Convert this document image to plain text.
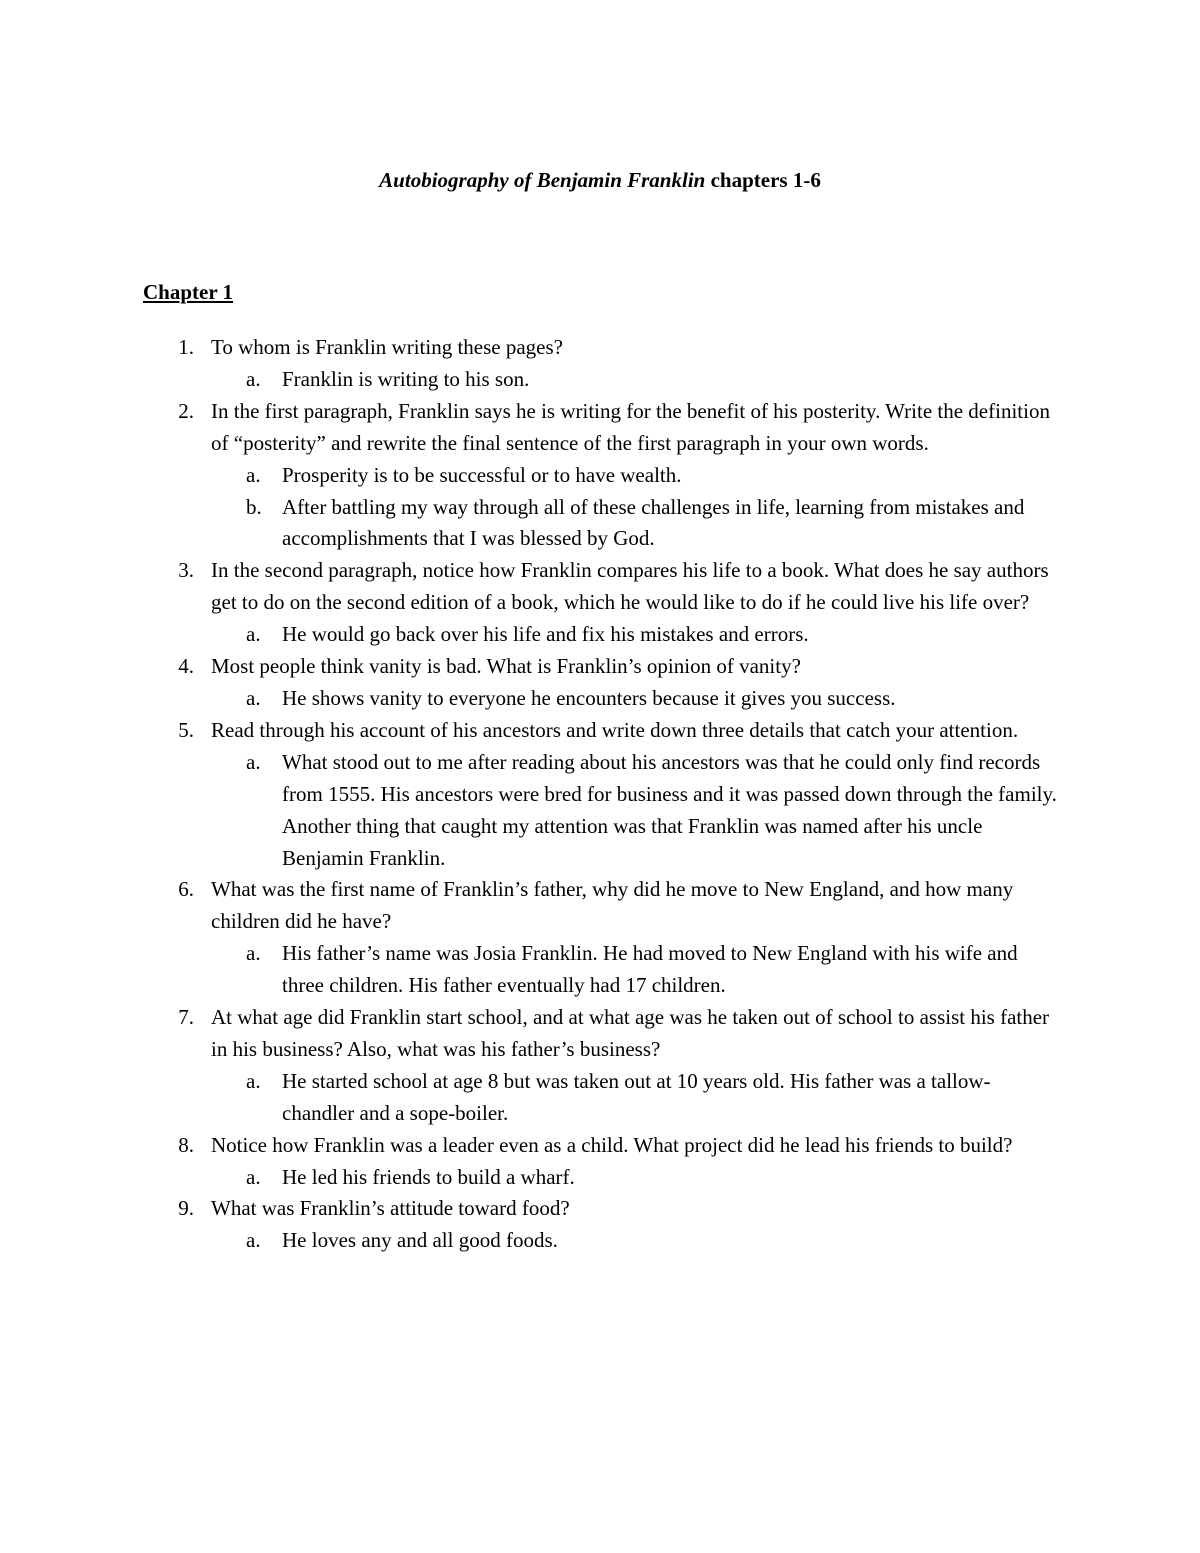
Autobiography of Benjamin Franklin chapters 1-6
Chapter 1
1. To whom is Franklin writing these pages?
a. Franklin is writing to his son.
2. In the first paragraph, Franklin says he is writing for the benefit of his posterity. Write the definition of “posterity” and rewrite the final sentence of the first paragraph in your own words.
a. Prosperity is to be successful or to have wealth.
b. After battling my way through all of these challenges in life, learning from mistakes and accomplishments that I was blessed by God.
3. In the second paragraph, notice how Franklin compares his life to a book. What does he say authors get to do on the second edition of a book, which he would like to do if he could live his life over?
a. He would go back over his life and fix his mistakes and errors.
4. Most people think vanity is bad. What is Franklin’s opinion of vanity?
a. He shows vanity to everyone he encounters because it gives you success.
5. Read through his account of his ancestors and write down three details that catch your attention.
a. What stood out to me after reading about his ancestors was that he could only find records from 1555. His ancestors were bred for business and it was passed down through the family. Another thing that caught my attention was that Franklin was named after his uncle Benjamin Franklin.
6. What was the first name of Franklin’s father, why did he move to New England, and how many children did he have?
a. His father’s name was Josia Franklin. He had moved to New England with his wife and three children. His father eventually had 17 children.
7. At what age did Franklin start school, and at what age was he taken out of school to assist his father in his business? Also, what was his father’s business?
a. He started school at age 8 but was taken out at 10 years old. His father was a tallow-chandler and a sope-boiler.
8. Notice how Franklin was a leader even as a child. What project did he lead his friends to build?
a. He led his friends to build a wharf.
9. What was Franklin’s attitude toward food?
a. He loves any and all good foods.
